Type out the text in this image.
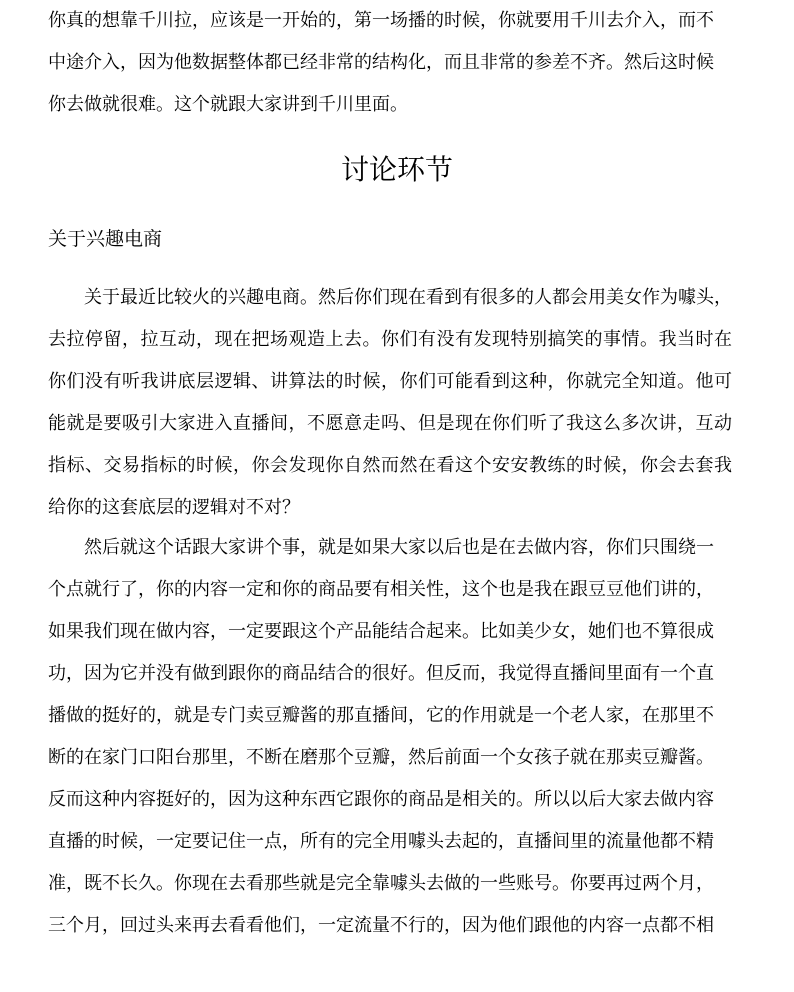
你真的想靠千川拉，应该是一开始的，第一场播的时候，你就要用千川去介入，而不
中途介入，因为他数据整体都已经非常的结构化，而且非常的参差不齐。然后这时候
你去做就很难。这个就跟大家讲到千川里面。
讨论环节
关于兴趣电商
关于最近比较火的兴趣电商。然后你们现在看到有很多的人都会用美女作为噱头，
去拉停留，拉互动，现在把场观造上去。你们有没有发现特别搞笑的事情。我当时在
你们没有听我讲底层逻辑、讲算法的时候，你们可能看到这种，你就完全知道。他可
能就是要吸引大家进入直播间，不愿意走吗、但是现在你们听了我这么多次讲，互动
指标、交易指标的时候，你会发现你自然而然在看这个安安教练的时候，你会去套我
给你的这套底层的逻辑对不对？
然后就这个话跟大家讲个事，就是如果大家以后也是在去做内容，你们只围绕一
个点就行了，你的内容一定和你的商品要有相关性，这个也是我在跟豆豆他们讲的，
如果我们现在做内容，一定要跟这个产品能结合起来。比如美少女，她们也不算很成
功，因为它并没有做到跟你的商品结合的很好。但反而，我觉得直播间里面有一个直
播做的挺好的，就是专门卖豆瓣酱的那直播间，它的作用就是一个老人家，在那里不
断的在家门口阳台那里，不断在磨那个豆瓣，然后前面一个女孩子就在那卖豆瓣酱。
反而这种内容挺好的，因为这种东西它跟你的商品是相关的。所以以后大家去做内容
直播的时候，一定要记住一点，所有的完全用噱头去起的，直播间里的流量他都不精
准，既不长久。你现在去看那些就是完全靠噱头去做的一些账号。你要再过两个月，
三个月，回过头来再去看看他们，一定流量不行的，因为他们跟他的内容一点都不相
